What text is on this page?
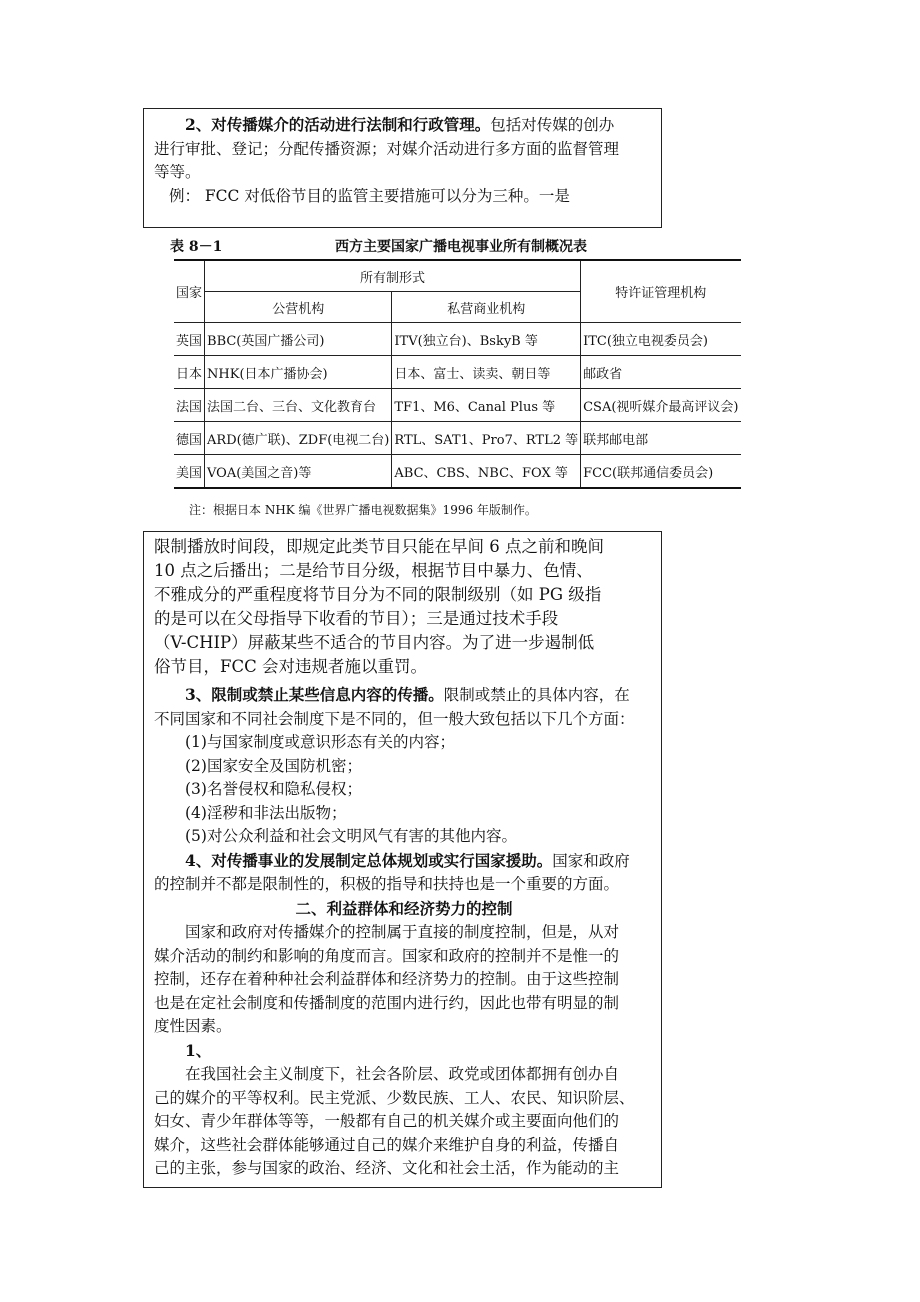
2、对传播媒介的活动进行法制和行政管理。包括对传媒的创办
进行审批、登记；分配传播资源；对媒介活动进行多方面的监督管理
等等。
例： FCC 对低俗节目的监管主要措施可以分为三种。一是
表 8－1	西方主要国家广播电视事业所有制概况表
国家	所有制形式		特许证管理机构
	公营机构	私营商业机构	
英国	BBC(英国广播公司)	ITV(独立台)、BskyB 等	ITC(独立电视委员会)
日本	NHK(日本广播协会)	日本、富士、读卖、朝日等	邮政省
法国	法国二台、三台、文化教育台	TF1、M6、Canal Plus 等	CSA(视听媒介最高评议会)
德国	ARD(德广联)、ZDF(电视二台)	RTL、SAT1、Pro7、RTL2 等	联邦邮电部
美国	VOA(美国之音)等	ABC、CBS、NBC、FOX 等	FCC(联邦通信委员会)
注：根据日本 NHK 编《世界广播电视数据集》1996 年版制作。
限制播放时间段，即规定此类节目只能在早间 6 点之前和晚间
10 点之后播出；二是给节目分级，根据节目中暴力、色情、
不雅成分的严重程度将节目分为不同的限制级别（如 PG 级指
的是可以在父母指导下收看的节目）；三是通过技术手段
（V-CHIP）屏蔽某些不适合的节目内容。为了进一步遏制低
俗节目，FCC 会对违规者施以重罚。
3、限制或禁止某些信息内容的传播。限制或禁止的具体内容，在
不同国家和不同社会制度下是不同的，但一般大致包括以下几个方面：
(1)与国家制度或意识形态有关的内容；
(2)国家安全及国防机密；
(3)名誉侵权和隐私侵权；
(4)淫秽和非法出版物；
(5)对公众利益和社会文明风气有害的其他内容。
4、对传播事业的发展制定总体规划或实行国家援助。国家和政府
的控制并不都是限制性的，积极的指导和扶持也是一个重要的方面。
二、利益群体和经济势力的控制
国家和政府对传播媒介的控制属于直接的制度控制，但是，从对
媒介活动的制约和影响的角度而言。国家和政府的控制并不是惟一的
控制，还存在着种种社会利益群体和经济势力的控制。由于这些控制
也是在定社会制度和传播制度的范围内进行约，因此也带有明显的制
度性因素。
1、
在我国社会主义制度下，社会各阶层、政党或团体都拥有创办自
己的媒介的平等权利。民主党派、少数民族、工人、农民、知识阶层、
妇女、青少年群体等等，一般都有自己的机关媒介或主要面向他们的
媒介，这些社会群体能够通过自己的媒介来维护自身的利益，传播自
己的主张，参与国家的政治、经济、文化和社会土活，作为能动的主
